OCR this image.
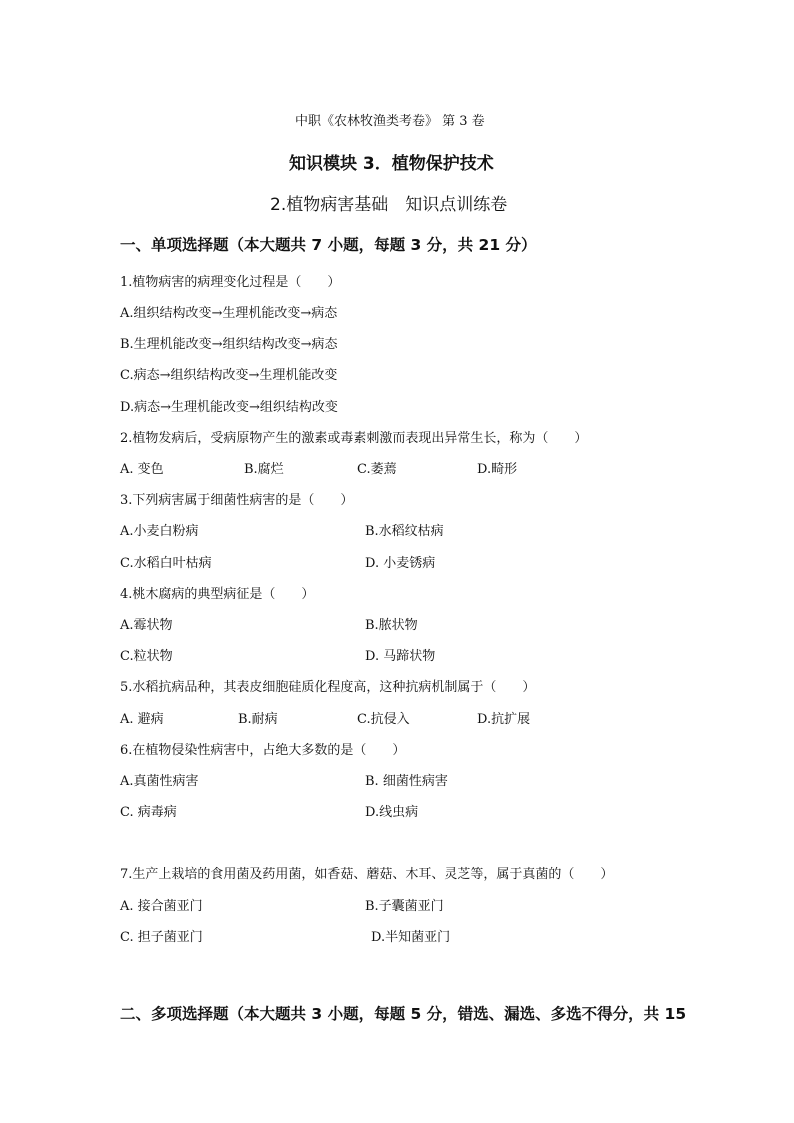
中职《农林牧渔类考卷》 第 3 卷
知识模块 3．植物保护技术
2.植物病害基础　知识点训练卷
一、单项选择题（本大题共 7 小题，每题 3 分，共 21 分）
1.植物病害的病理变化过程是（　　）
A.组织结构改变→生理机能改变→病态
B.生理机能改变→组织结构改变→病态
C.病态→组织结构改变→生理机能改变
D.病态→生理机能改变→组织结构改变
2.植物发病后，受病原物产生的激素或毒素刺激而表现出异常生长，称为（　　）
A. 变色	B.腐烂	C.萎蔫	D.畸形
3.下列病害属于细菌性病害的是（　　）
A.小麦白粉病	B.水稻纹枯病
C.水稻白叶枯病	D. 小麦锈病
4.桃木腐病的典型病征是（　　）
A.霉状物	B.脓状物
C.粒状物	D. 马蹄状物
5.水稻抗病品种，其表皮细胞硅质化程度高，这种抗病机制属于（　　）
A. 避病	B.耐病	C.抗侵入	D.抗扩展
6.在植物侵染性病害中，占绝大多数的是（　　）
A.真菌性病害	B. 细菌性病害
C. 病毒病	D.线虫病
7.生产上栽培的食用菌及药用菌，如香菇、蘑菇、木耳、灵芝等，属于真菌的（　　）
A. 接合菌亚门	B.子囊菌亚门
C. 担子菌亚门	D.半知菌亚门
二、多项选择题（本大题共 3 小题，每题 5 分，错选、漏选、多选不得分，共 15
